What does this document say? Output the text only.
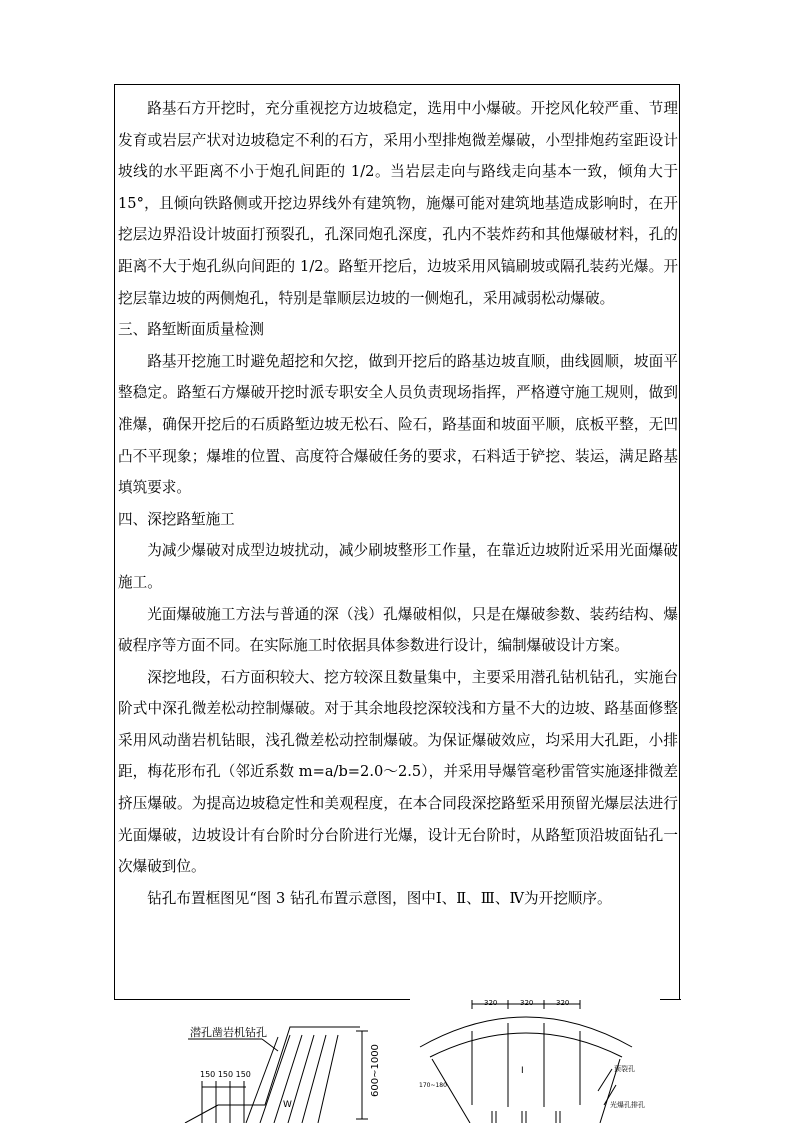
路基石方开挖时，充分重视挖方边坡稳定，选用中小爆破。开挖风化较严重、节理发育或岩层产状对边坡稳定不利的石方，采用小型排炮微差爆破，小型排炮药室距设计坡线的水平距离不小于炮孔间距的 1/2。当岩层走向与路线走向基本一致，倾角大于 15°，且倾向铁路侧或开挖边界线外有建筑物，施爆可能对建筑地基造成影响时，在开挖层边界沿设计坡面打预裂孔，孔深同炮孔深度，孔内不装炸药和其他爆破材料，孔的距离不大于炮孔纵向间距的 1/2。路堑开挖后，边坡采用风镐刷坡或隔孔装药光爆。开挖层靠边坡的两侧炮孔，特别是靠顺层边坡的一侧炮孔，采用减弱松动爆破。

三、路堑断面质量检测

路基开挖施工时避免超挖和欠挖，做到开挖后的路基边坡直顺，曲线圆顺，坡面平整稳定。路堑石方爆破开挖时派专职安全人员负责现场指挥，严格遵守施工规则，做到准爆，确保开挖后的石质路堑边坡无松石、险石，路基面和坡面平顺，底板平整，无凹凸不平现象；爆堆的位置、高度符合爆破任务的要求，石料适于铲挖、装运，满足路基填筑要求。

四、深挖路堑施工

为减少爆破对成型边坡扰动，减少刷坡整形工作量，在靠近边坡附近采用光面爆破施工。

光面爆破施工方法与普通的深（浅）孔爆破相似，只是在爆破参数、装药结构、爆破程序等方面不同。在实际施工时依据具体参数进行设计，编制爆破设计方案。

深挖地段，石方面积较大、挖方较深且数量集中，主要采用潜孔钻机钻孔，实施台阶式中深孔微差松动控制爆破。对于其余地段挖深较浅和方量不大的边坡、路基面修整采用风动凿岩机钻眼，浅孔微差松动控制爆破。为保证爆破效应，均采用大孔距，小排距，梅花形布孔（邻近系数 m=a/b=2.0～2.5），并采用导爆管毫秒雷管实施逐排微差挤压爆破。为提高边坡稳定性和美观程度，在本合同段深挖路堑采用预留光爆层法进行光面爆破，边坡设计有台阶时分台阶进行光爆，设计无台阶时，从路堑顶沿坡面钻孔一次爆破到位。

钻孔布置框图见“图 3 钻孔布置示意图，图中Ⅰ、Ⅱ、Ⅲ、Ⅳ为开挖顺序。

潜孔凿岩机钻孔
150 150 150
W
600~1000
320	320	320
170~180
I	预裂孔
光爆孔排孔
